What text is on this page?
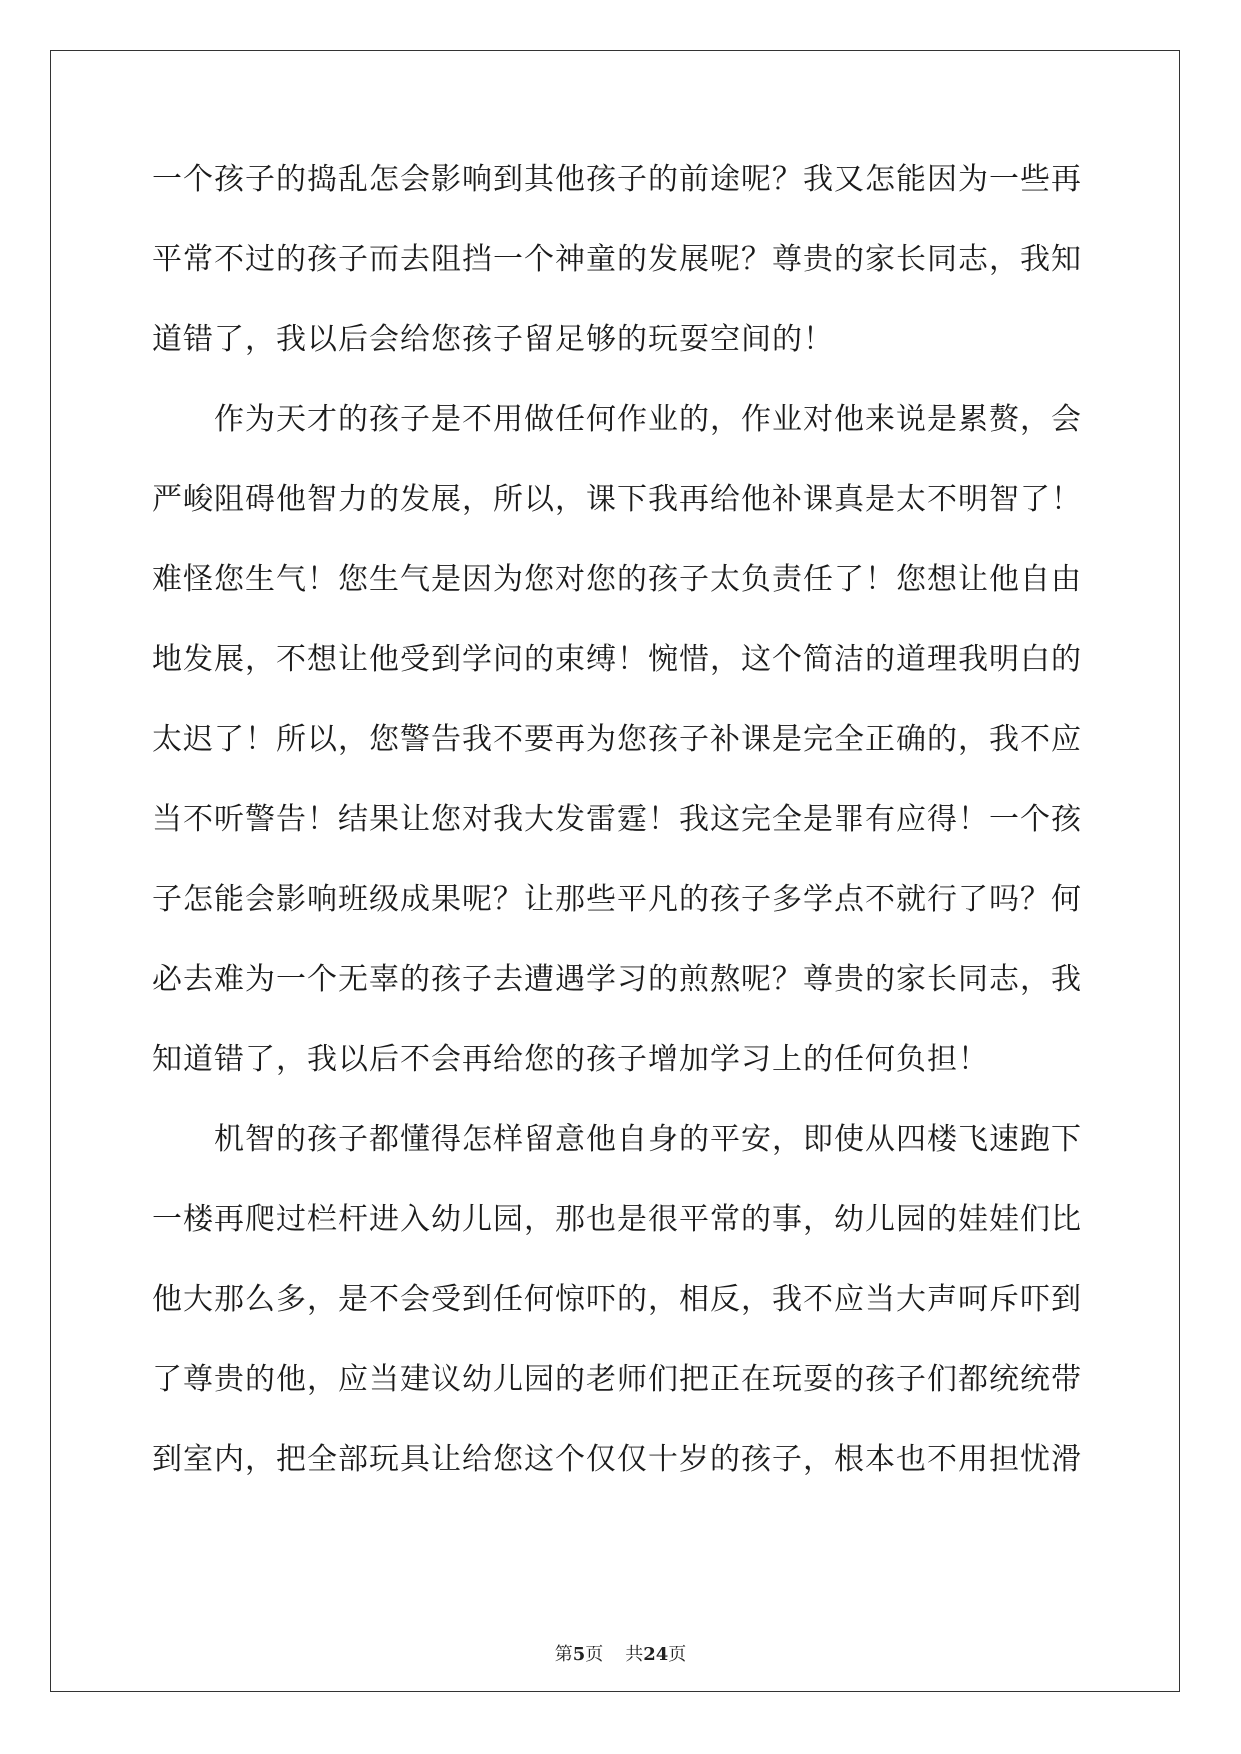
一个孩子的捣乱怎会影响到其他孩子的前途呢？我又怎能因为一些再
平常不过的孩子而去阻挡一个神童的发展呢？尊贵的家长同志，我知
道错了，我以后会给您孩子留足够的玩耍空间的！
作为天才的孩子是不用做任何作业的，作业对他来说是累赘，会
严峻阻碍他智力的发展，所以，课下我再给他补课真是太不明智了！
难怪您生气！您生气是因为您对您的孩子太负责任了！您想让他自由
地发展，不想让他受到学问的束缚！惋惜，这个简洁的道理我明白的
太迟了！所以，您警告我不要再为您孩子补课是完全正确的，我不应
当不听警告！结果让您对我大发雷霆！我这完全是罪有应得！一个孩
子怎能会影响班级成果呢？让那些平凡的孩子多学点不就行了吗？何
必去难为一个无辜的孩子去遭遇学习的煎熬呢？尊贵的家长同志，我
知道错了，我以后不会再给您的孩子增加学习上的任何负担！
机智的孩子都懂得怎样留意他自身的平安，即使从四楼飞速跑下
一楼再爬过栏杆进入幼儿园，那也是很平常的事，幼儿园的娃娃们比
他大那么多，是不会受到任何惊吓的，相反，我不应当大声呵斥吓到
了尊贵的他，应当建议幼儿园的老师们把正在玩耍的孩子们都统统带
到室内，把全部玩具让给您这个仅仅十岁的孩子，根本也不用担忧滑
第5页 共24页
